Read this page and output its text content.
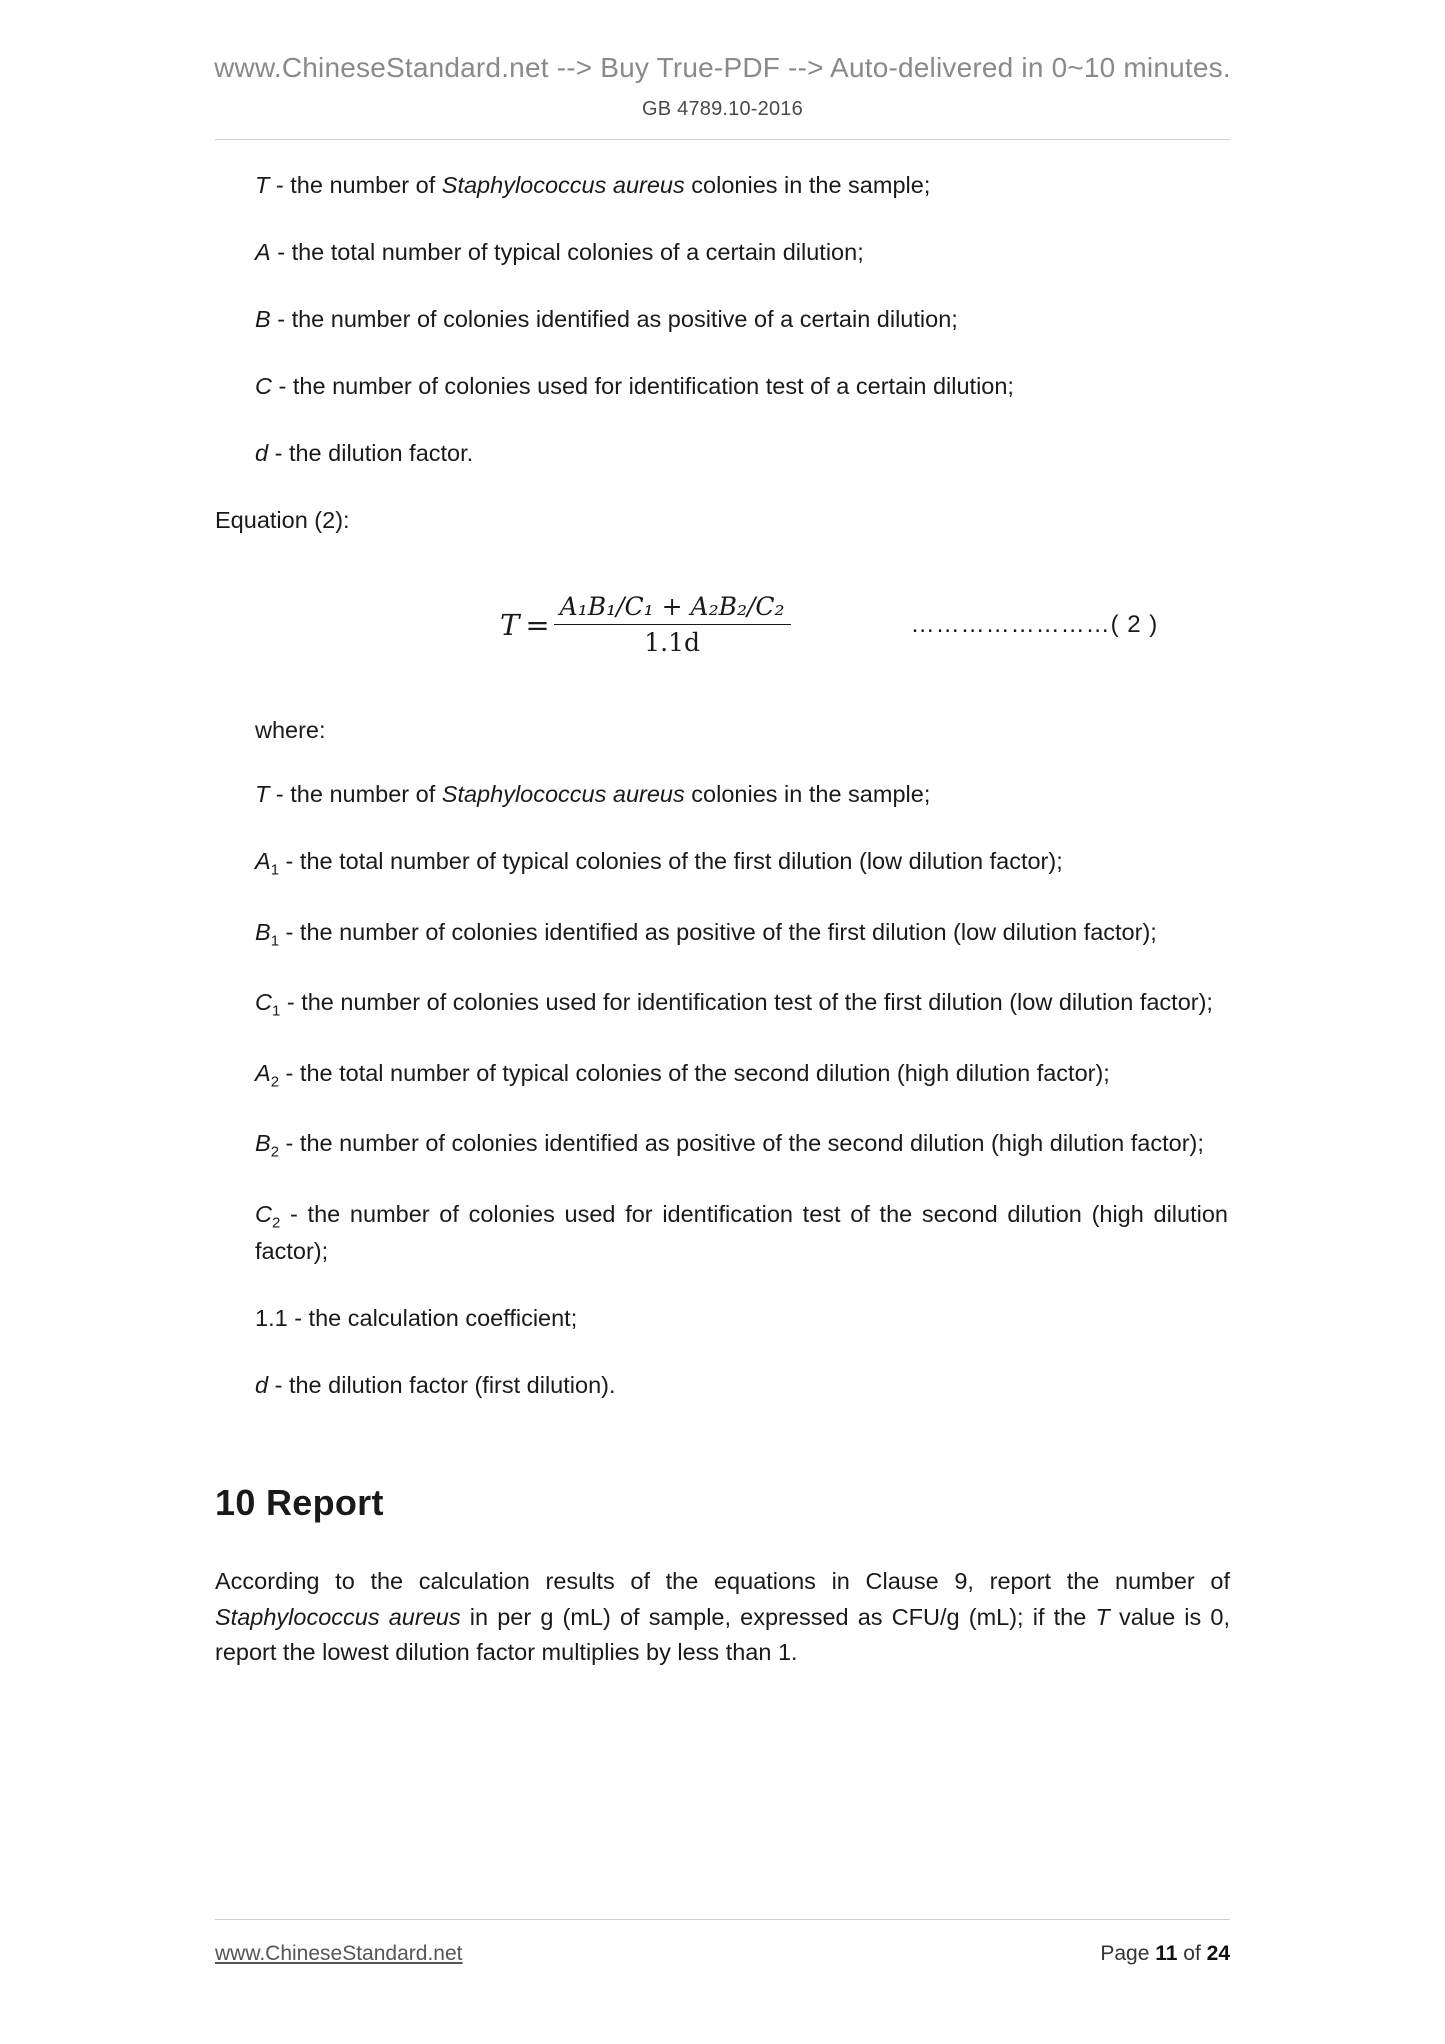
www.ChineseStandard.net --> Buy True-PDF --> Auto-delivered in 0~10 minutes.
GB 4789.10-2016

T - the number of Staphylococcus aureus colonies in the sample;

A - the total number of typical colonies of a certain dilution;

B - the number of colonies identified as positive of a certain dilution;

C - the number of colonies used for identification test of a certain dilution;

d - the dilution factor.

Equation (2):

$T = \frac{\text{A₁B₁/C₁ + A₂B₂/C₂}}{1.1d}$	……………………( 2 )

where:

T - the number of Staphylococcus aureus colonies in the sample;

$A_1$ - the total number of typical colonies of the first dilution (low dilution factor);

$B_1$ - the number of colonies identified as positive of the first dilution (low dilution factor);

$C_1$ - the number of colonies used for identification test of the first dilution (low dilution factor);

$A_2$ - the total number of typical colonies of the second dilution (high dilution factor);

$B_2$ - the number of colonies identified as positive of the second dilution (high dilution factor);

$C_2$ - the number of colonies used for identification test of the second dilution (high dilution factor);

1.1 - the calculation coefficient;

d - the dilution factor (first dilution).

10 Report

According to the calculation results of the equations in Clause 9, report the number of Staphylococcus aureus in per g (mL) of sample, expressed as CFU/g (mL); if the T value is 0, report the lowest dilution factor multiplies by less than 1.

www.ChineseStandard.net	Page 11 of 24
